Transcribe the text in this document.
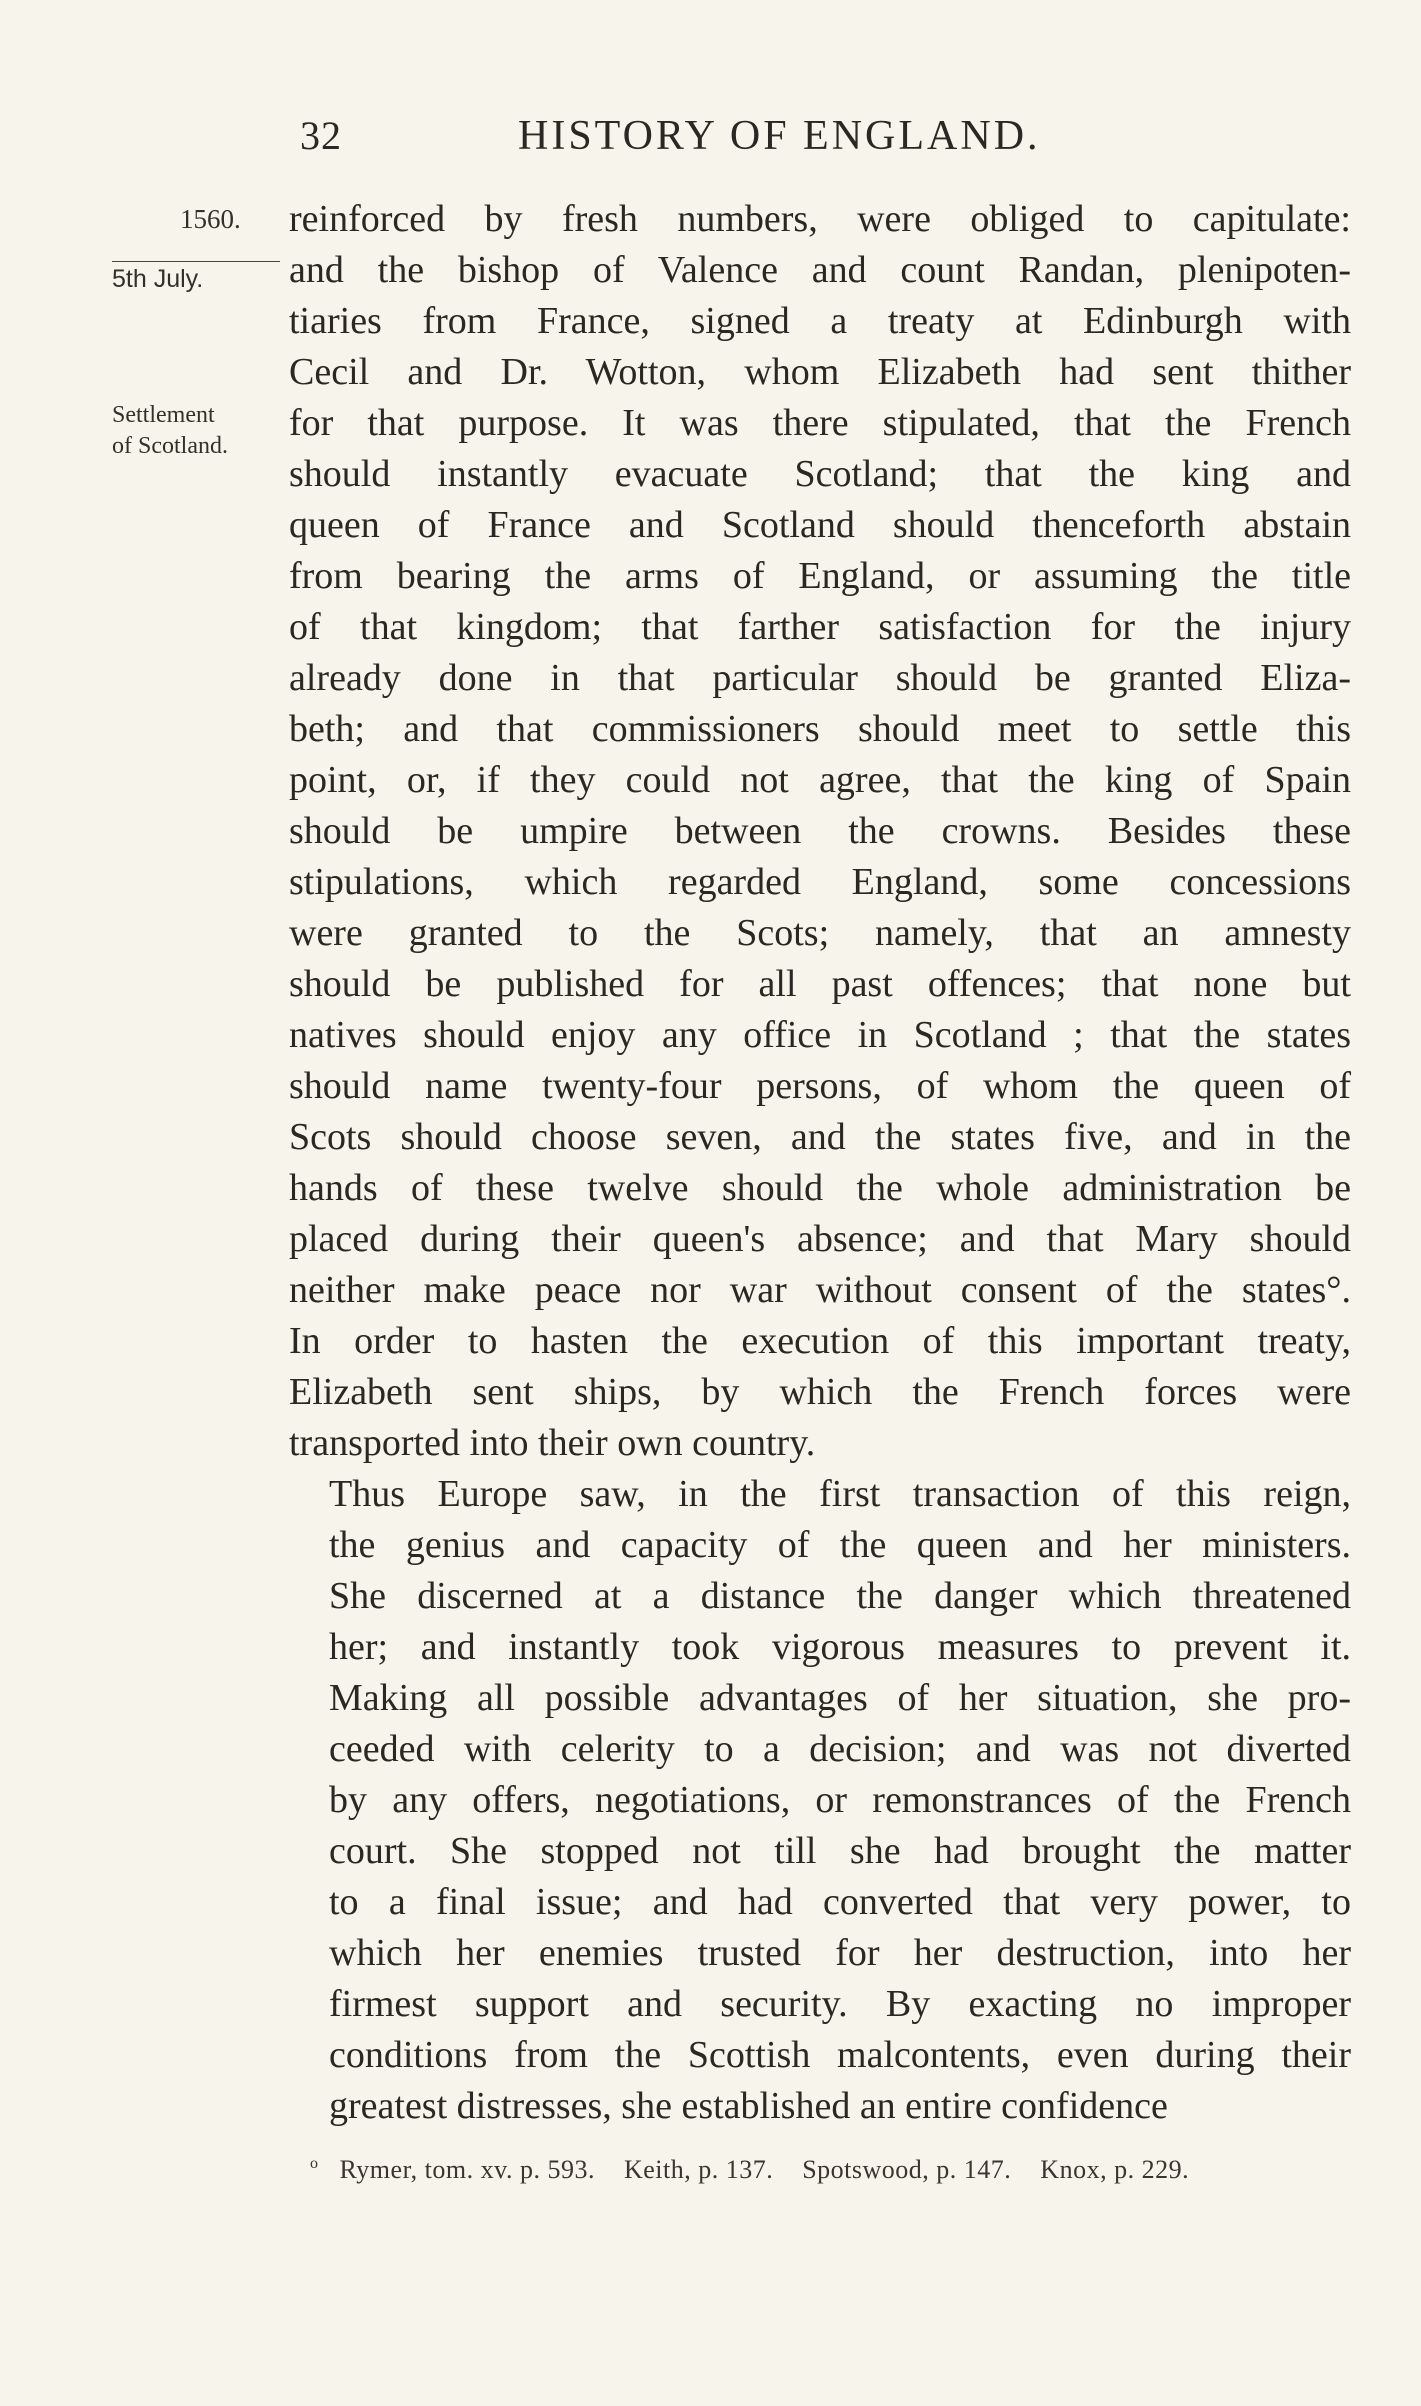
32	HISTORY OF ENGLAND.
1560.
5th July.
Settlement
of Scotland.

reinforced by fresh numbers, were obliged to capitulate:
and the bishop of Valence and count Randan, plenipoten-
tiaries from France, signed a treaty at Edinburgh with
Cecil and Dr. Wotton, whom Elizabeth had sent thither
for that purpose. It was there stipulated, that the French
should instantly evacuate Scotland; that the king and
queen of France and Scotland should thenceforth abstain
from bearing the arms of England, or assuming the title
of that kingdom; that farther satisfaction for the injury
already done in that particular should be granted Eliza-
beth; and that commissioners should meet to settle this
point, or, if they could not agree, that the king of Spain
should be umpire between the crowns. Besides these
stipulations, which regarded England, some concessions
were granted to the Scots; namely, that an amnesty
should be published for all past offences; that none but
natives should enjoy any office in Scotland ; that the states
should name twenty-four persons, of whom the queen of
Scots should choose seven, and the states five, and in the
hands of these twelve should the whole administration be
placed during their queen's absence; and that Mary should
neither make peace nor war without consent of the states°.
In order to hasten the execution of this important treaty,
Elizabeth sent ships, by which the French forces were
transported into their own country.

Thus Europe saw, in the first transaction of this reign,
the genius and capacity of the queen and her ministers.
She discerned at a distance the danger which threatened
her; and instantly took vigorous measures to prevent it.
Making all possible advantages of her situation, she pro-
ceeded with celerity to a decision; and was not diverted
by any offers, negotiations, or remonstrances of the French
court. She stopped not till she had brought the matter
to a final issue; and had converted that very power, to
which her enemies trusted for her destruction, into her
firmest support and security. By exacting no improper
conditions from the Scottish malcontents, even during their
greatest distresses, she established an entire confidence

$^o$ Rymer, tom. xv. p. 593. Keith, p. 137. Spotswood, p. 147. Knox, p. 229.
